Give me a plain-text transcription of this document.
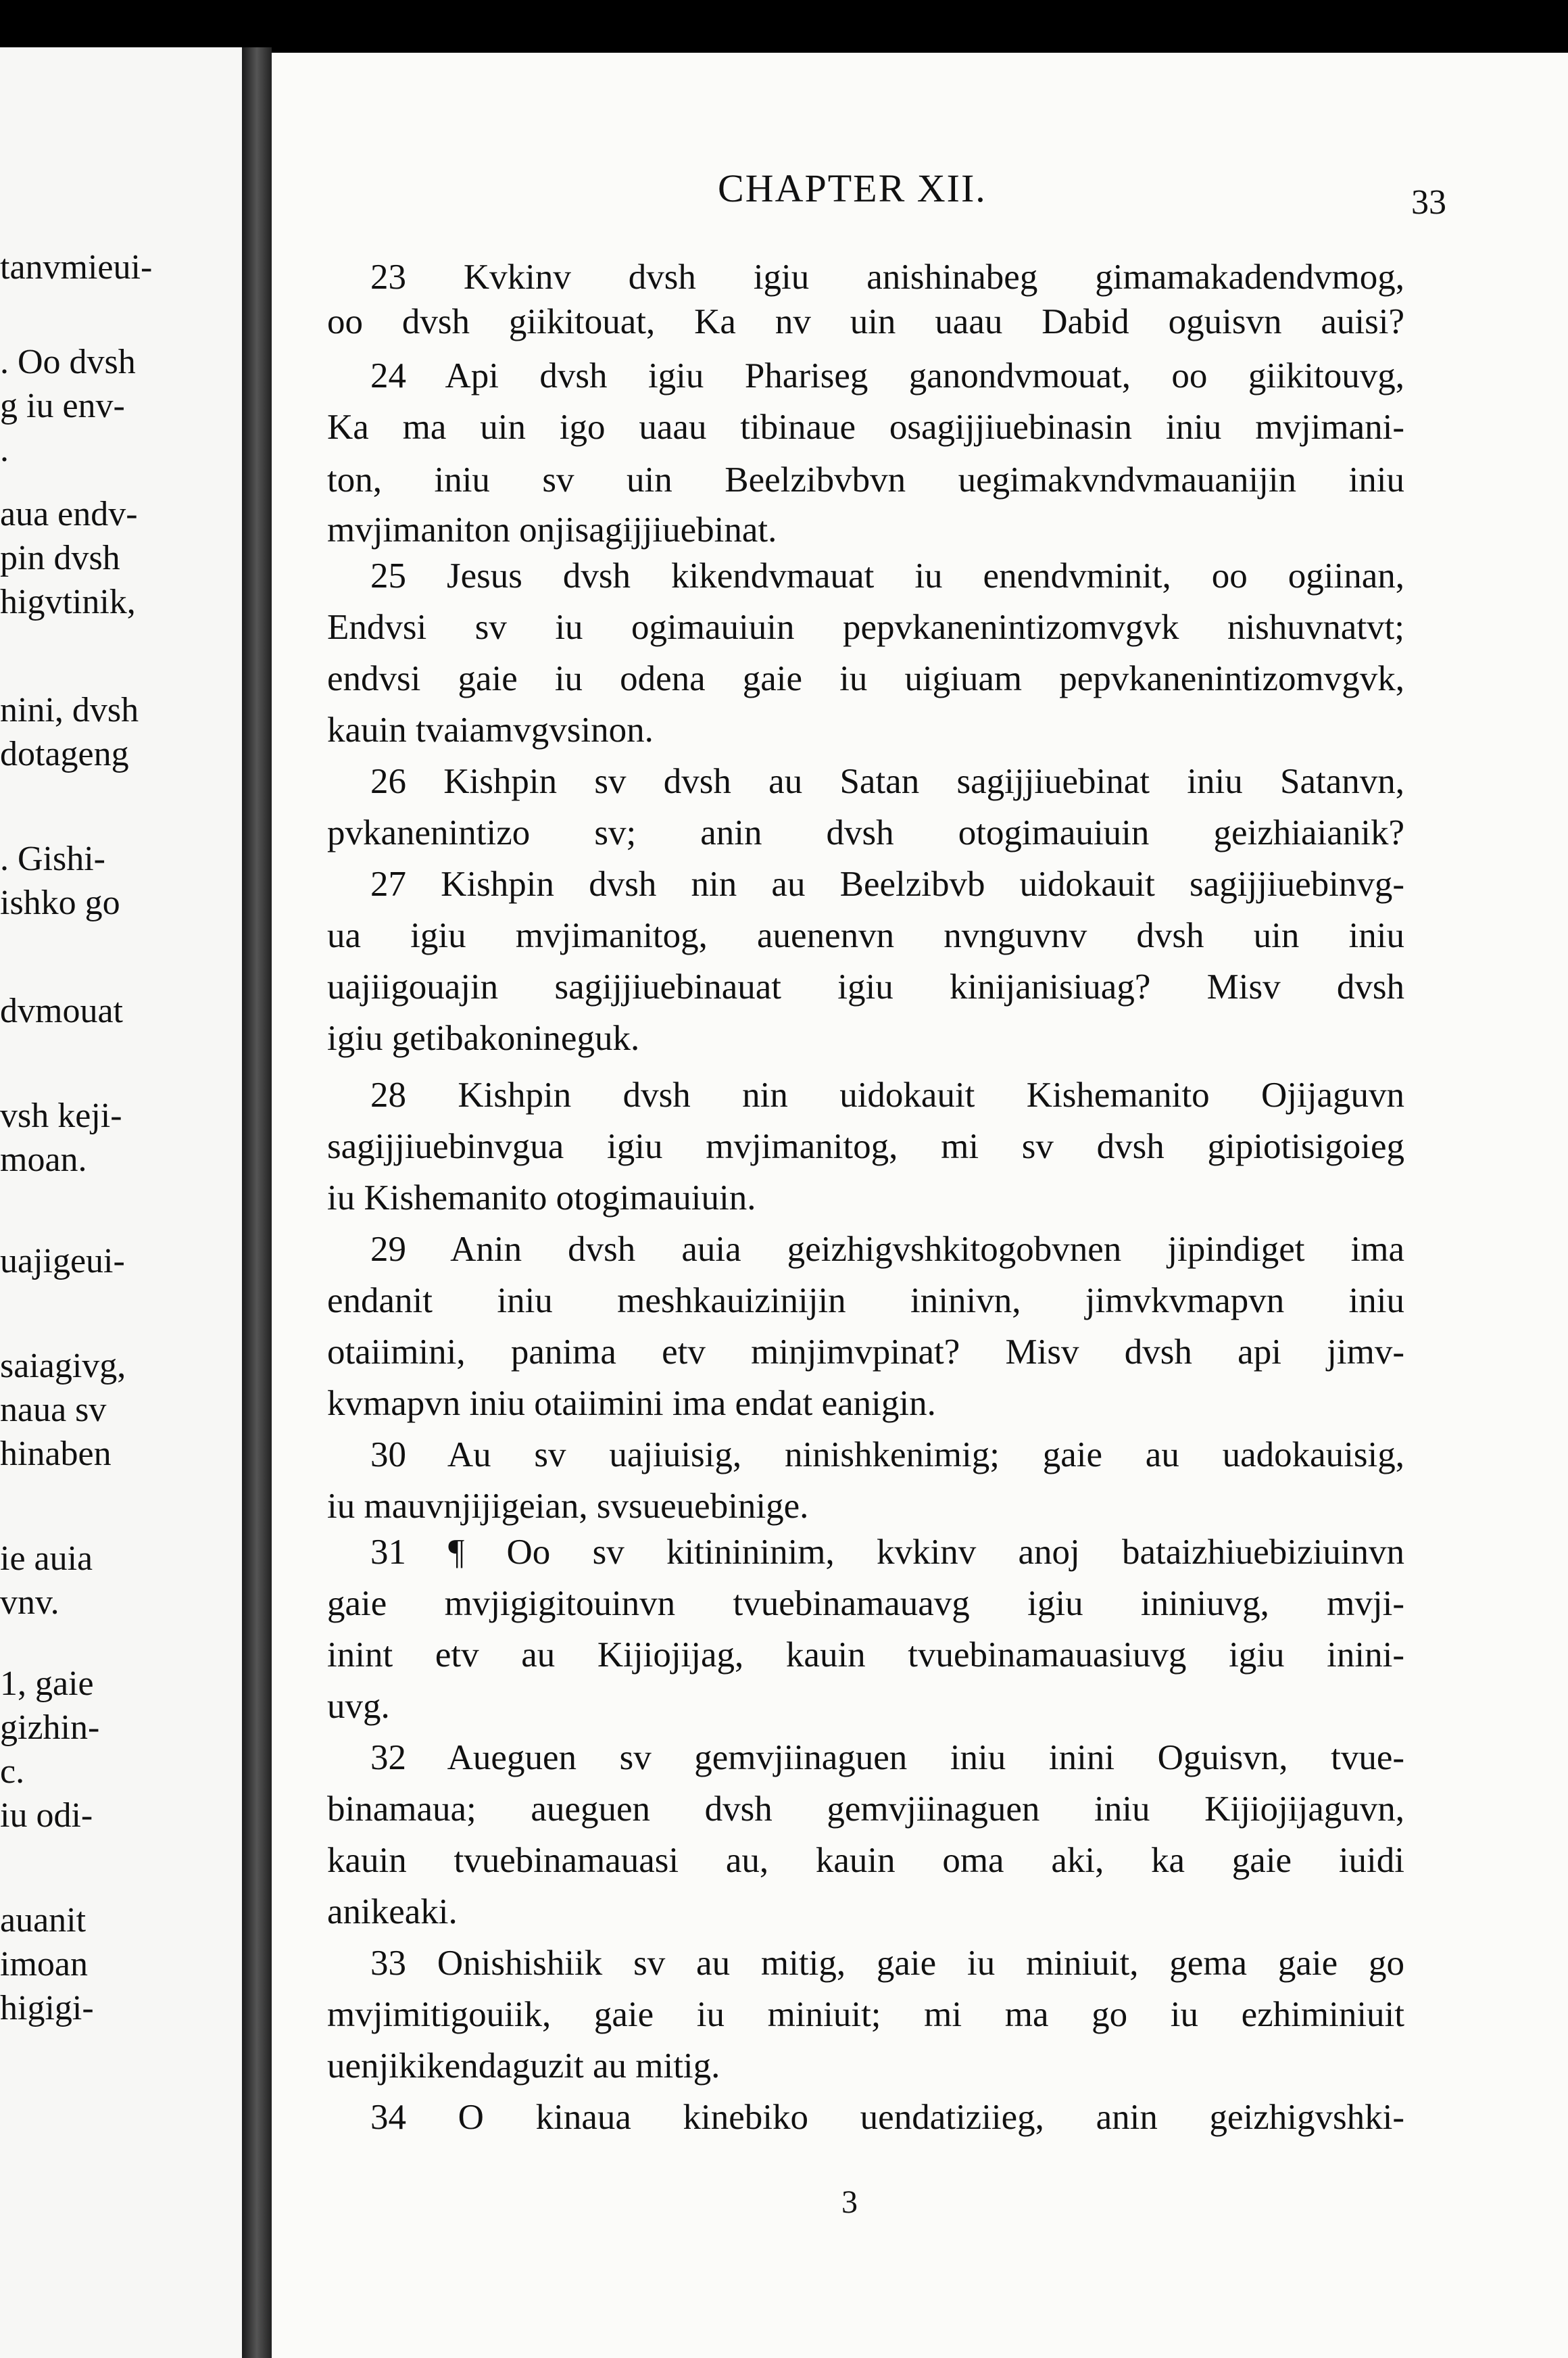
tanvmieui-
. Oo dvsh
g iu env-
.
aua endv-
pin dvsh
higvtinik,
nini, dvsh
dotageng
. Gishi-
ishko go
dvmouat
vsh keji-
moan.
uajigeui-
saiagivg,
naua sv
hinaben
ie auia
vnv.
1, gaie
gizhin-
c.
iu odi-
auanit
imoan
higigi-
CHAPTER XII.	33
23 Kvkinv dvsh igiu anishinabeg gimamakadendvmog,
oo dvsh giikitouat, Ka nv uin uaau Dabid oguisvn auisi?
24 Api dvsh igiu Phariseg ganondvmouat, oo giikitouvg,
Ka ma uin igo uaau tibinaue osagijjiuebinasin iniu mvjimani-
ton, iniu sv uin Beelzibvbvn uegimakvndvmauanijin iniu
mvjimaniton onjisagijjiuebinat.
25 Jesus dvsh kikendvmauat iu enendvminit, oo ogiinan,
Endvsi sv iu ogimauiuin pepvkanenintizomvgvk nishuvnatvt;
endvsi gaie iu odena gaie iu uigiuam pepvkanenintizomvgvk,
kauin tvaiamvgvsinon.
26 Kishpin sv dvsh au Satan sagijjiuebinat iniu Satanvn,
pvkanenintizo sv; anin dvsh otogimauiuin geizhiaianik?
27 Kishpin dvsh nin au Beelzibvb uidokauit sagijjiuebinvg-
ua igiu mvjimanitog, auenenvn nvnguvnv dvsh uin iniu
uajiigouajin sagijjiuebinauat igiu kinijanisiuag? Misv dvsh
igiu getibakonineguk.
28 Kishpin dvsh nin uidokauit Kishemanito Ojijaguvn
sagijjiuebinvgua igiu mvjimanitog, mi sv dvsh gipiotisigoieg
iu Kishemanito otogimauiuin.
29 Anin dvsh auia geizhigvshkitogobvnen jipindiget ima
endanit iniu meshkauizinijin ininivn, jimvkvmapvn iniu
otaiimini, panima etv minjimvpinat? Misv dvsh api jimv-
kvmapvn iniu otaiimini ima endat eanigin.
30 Au sv uajiuisig, ninishkenimig; gaie au uadokauisig,
iu mauvnjijigeian, svsueuebinige.
31 ¶ Oo sv kitinininim, kvkinv anoj bataizhiuebiziuinvn
gaie mvjigigitouinvn tvuebinamauavg igiu ininiuvg, mvji-
inint etv au Kijiojijag, kauin tvuebinamauasiuvg igiu inini-
uvg.
32 Aueguen sv gemvjiinaguen iniu inini Oguisvn, tvue-
binamaua; aueguen dvsh gemvjiinaguen iniu Kijiojijaguvn,
kauin tvuebinamauasi au, kauin oma aki, ka gaie iuidi
anikeaki.
33 Onishishiik sv au mitig, gaie iu miniuit, gema gaie go
mvjimitigouiik, gaie iu miniuit; mi ma go iu ezhiminiuit
uenjikikendaguzit au mitig.
34 O kinaua kinebiko uendatiziieg, anin geizhigvshki-
3
